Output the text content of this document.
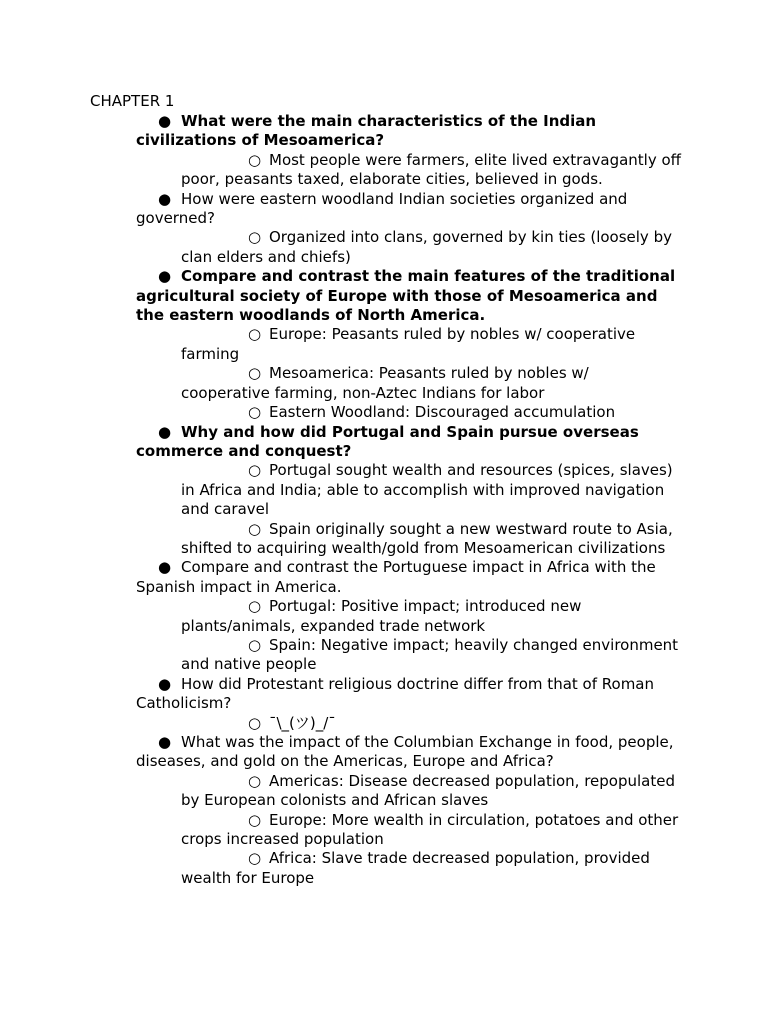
CHAPTER 1
● What were the main characteristics of the Indian civilizations of Mesoamerica?
○ Most people were farmers, elite lived extravagantly off poor, peasants taxed, elaborate cities, believed in gods.
● How were eastern woodland Indian societies organized and governed?
○ Organized into clans, governed by kin ties (loosely by clan elders and chiefs)
● Compare and contrast the main features of the traditional agricultural society of Europe with those of Mesoamerica and the eastern woodlands of North America.
○ Europe: Peasants ruled by nobles w/ cooperative farming
○ Mesoamerica: Peasants ruled by nobles w/ cooperative farming, non-Aztec Indians for labor
○ Eastern Woodland: Discouraged accumulation
● Why and how did Portugal and Spain pursue overseas commerce and conquest?
○ Portugal sought wealth and resources (spices, slaves) in Africa and India; able to accomplish with improved navigation and caravel
○ Spain originally sought a new westward route to Asia, shifted to acquiring wealth/gold from Mesoamerican civilizations
● Compare and contrast the Portuguese impact in Africa with the Spanish impact in America.
○ Portugal: Positive impact; introduced new plants/animals, expanded trade network
○ Spain: Negative impact; heavily changed environment and native people
● How did Protestant religious doctrine differ from that of Roman Catholicism?
○ ¯\_(ツ)_/¯
● What was the impact of the Columbian Exchange in food, people, diseases, and gold on the Americas, Europe and Africa?
○ Americas: Disease decreased population, repopulated by European colonists and African slaves
○ Europe: More wealth in circulation, potatoes and other crops increased population
○ Africa: Slave trade decreased population, provided wealth for Europe
